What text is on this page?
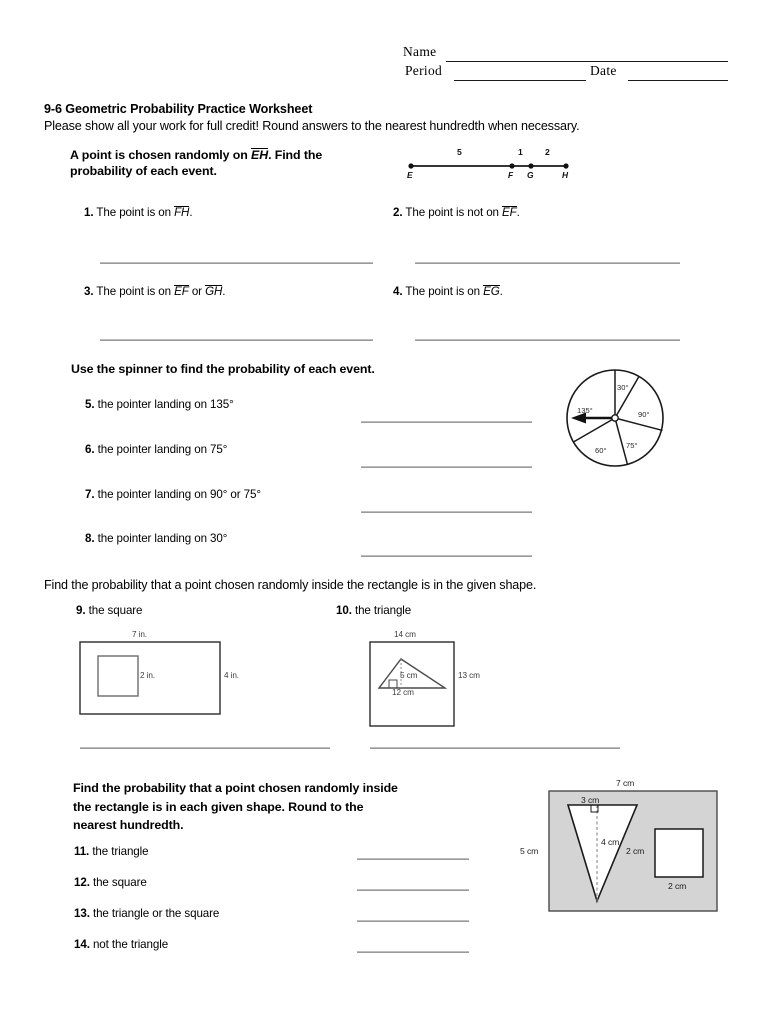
Name
Period	Date
9-6 Geometric Probability Practice Worksheet
Please show all your work for full credit! Round answers to the nearest hundredth when necessary.
A point is chosen randomly on EH. Find the
probability of each event.
5	1	2
E	F G	H
1. The point is on FH.	2. The point is not on EF.
3. The point is on EF or GH.	4. The point is on EG.
Use the spinner to find the probability of each event.
5. the pointer landing on 135°
6. the pointer landing on 75°
7. the pointer landing on 90° or 75°
8. the pointer landing on 30°
30°
90°
75°
60°
135°
Find the probability that a point chosen randomly inside the rectangle is in the given shape.
9. the square	10. the triangle
7 in.
2 in.	4 in.
14 cm
5 cm
12 cm
13 cm
Find the probability that a point chosen randomly inside
the rectangle is in each given shape. Round to the
nearest hundredth.
11. the triangle
12. the square
13. the triangle or the square
14. not the triangle
7 cm
5 cm
3 cm
4 cm
2 cm
2 cm
